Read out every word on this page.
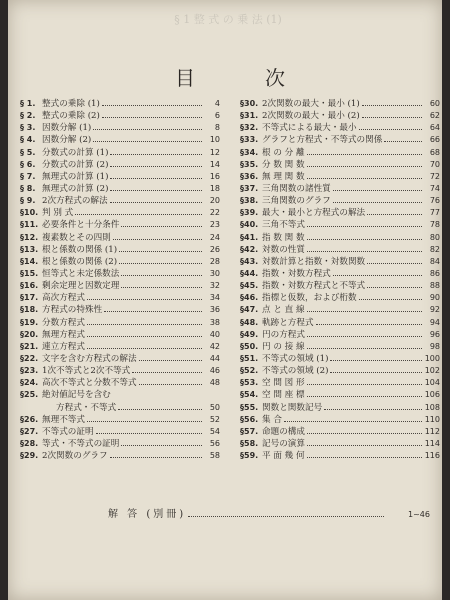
§ 1 整 式 の 乗 法 (1)
目	次
§ 1. 整式の乗除 (1)	4
§ 2. 整式の乗除 (2)	6
§ 3. 因数分解 (1)	8
§ 4. 因数分解 (2)	10
§ 5. 分数式の計算 (1)	12
§ 6. 分数式の計算 (2)	14
§ 7. 無理式の計算 (1)	16
§ 8. 無理式の計算 (2)	18
§ 9. 2次方程式の解法	20
§10. 判 別 式	22
§11. 必要条件と十分条件	23
§12. 複素数とその四則	24
§13. 根と係数の関係 (1)	26
§14. 根と係数の関係 (2)	28
§15. 恒等式と未定係数法	30
§16. 剰余定理と因数定理	32
§17. 高次方程式	34
§18. 方程式の特殊性	36
§19. 分数方程式	38
§20. 無理方程式	40
§21. 連立方程式	42
§22. 文字を含む方程式の解法	44
§23. 1次不等式と2次不等式	46
§24. 高次不等式と分数不等式	48
§25. 絶対値記号を含む
方程式・不等式	50
§26. 無理不等式	52
§27. 不等式の証明	54
§28. 等式・不等式の証明	56
§29. 2次関数のグラフ	58
§30. 2次関数の最大・最小 (1)	60
§31. 2次関数の最大・最小 (2)	62
§32. 不等式による最大・最小	64
§33. グラフと方程式・不等式の関係	66
§34. 根 の 分 離	68
§35. 分 数 関 数	70
§36. 無 理 関 数	72
§37. 三角関数の諸性質	74
§38. 三角関数のグラフ	76
§39. 最大・最小と方程式の解法	77
§40. 三角不等式	78
§41. 指 数 関 数	80
§42. 対数の性質	82
§43. 対数計算と指数・対数関数	84
§44. 指数・対数方程式	86
§45. 指数・対数方程式と不等式	88
§46. 指標と仮数，および桁数	90
§47. 点 と 直 線	92
§48. 軌跡と方程式	94
§49. 円の方程式	96
§50. 円 の 接 線	98
§51. 不等式の領域 (1)	100
§52. 不等式の領域 (2)	102
§53. 空 間 図 形	104
§54. 空 間 座 標	106
§55. 関数と関数記号	108
§56. 集 合	110
§57. 命題の構成	112
§58. 記号の演算	114
§59. 平 面 幾 何	116
解 答 (別冊)	1~46
